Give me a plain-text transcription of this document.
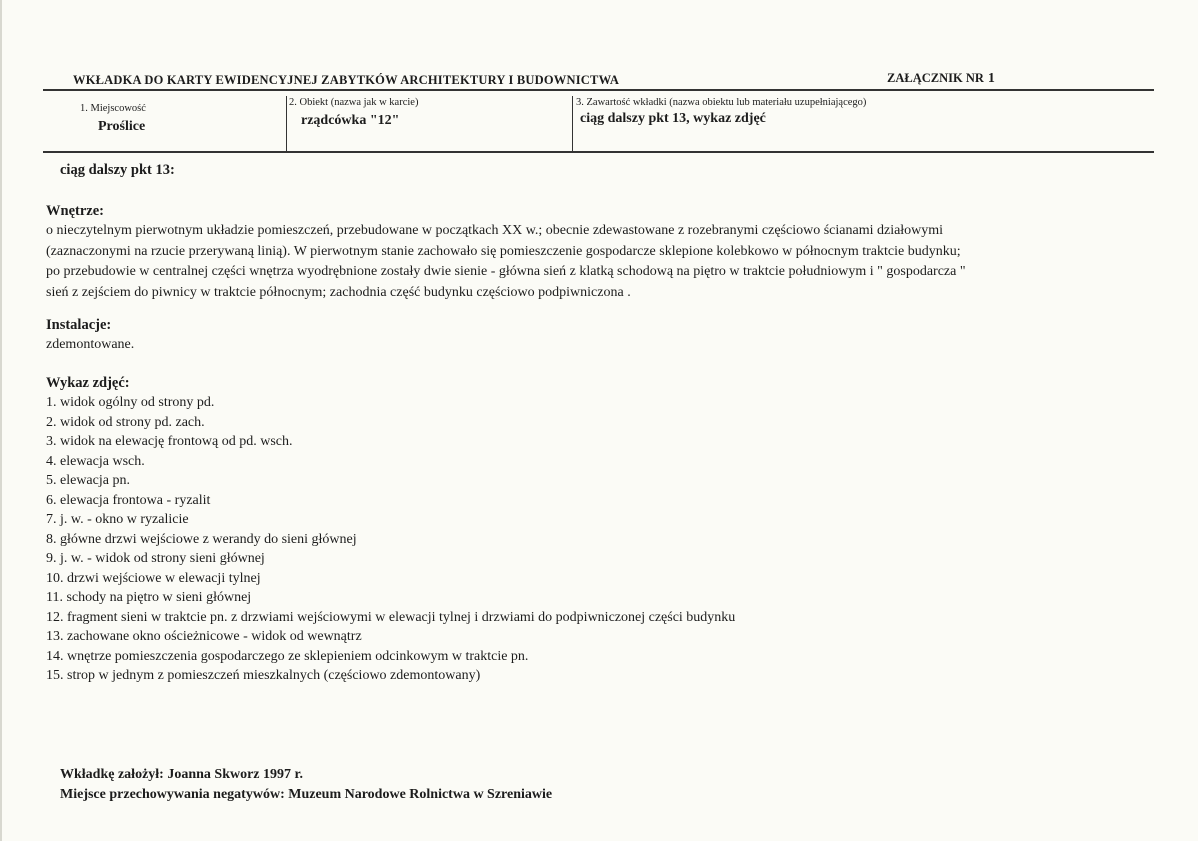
WKŁADKA DO KARTY EWIDENCYJNEJ ZABYTKÓW ARCHITEKTURY I BUDOWNICTWA	ZAŁĄCZNIK NR 1
1. Miejscowość
Proślice
2. Obiekt (nazwa jak w karcie)
rządcówka "12"
3. Zawartość wkładki (nazwa obiektu lub materiału uzupełniającego)
ciąg dalszy pkt 13, wykaz zdjęć
ciąg dalszy pkt 13:
Wnętrze:
o nieczytelnym pierwotnym układzie pomieszczeń, przebudowane w początkach XX w.; obecnie zdewastowane z rozebranymi częściowo ścianami działowymi
(zaznaczonymi na rzucie przerywaną linią). W pierwotnym stanie zachowało się pomieszczenie gospodarcze sklepione kolebkowo w północnym traktcie budynku;
po przebudowie w centralnej części wnętrza wyodrębnione zostały dwie sienie - główna sień z klatką schodową na piętro w traktcie południowym i " gospodarcza "
sień z zejściem do piwnicy w traktcie północnym; zachodnia część budynku częściowo podpiwniczona .
Instalacje:
zdemontowane.
Wykaz zdjęć:
1. widok ogólny od strony pd.
2. widok od strony pd. zach.
3. widok na elewację frontową od pd. wsch.
4. elewacja wsch.
5. elewacja pn.
6. elewacja frontowa - ryzalit
7. j. w. - okno w ryzalicie
8. główne drzwi wejściowe z werandy do sieni głównej
9. j. w. - widok od strony sieni głównej
10. drzwi wejściowe w elewacji tylnej
11. schody na piętro w sieni głównej
12. fragment sieni w traktcie pn. z drzwiami wejściowymi w elewacji tylnej i drzwiami do podpiwniczonej części budynku
13. zachowane okno ościeżnicowe - widok od wewnątrz
14. wnętrze pomieszczenia gospodarczego ze sklepieniem odcinkowym w traktcie pn.
15. strop w jednym z pomieszczeń mieszkalnych (częściowo zdemontowany)
Wkładkę założył: Joanna Skworz 1997 r.
Miejsce przechowywania negatywów: Muzeum Narodowe Rolnictwa w Szreniawie
